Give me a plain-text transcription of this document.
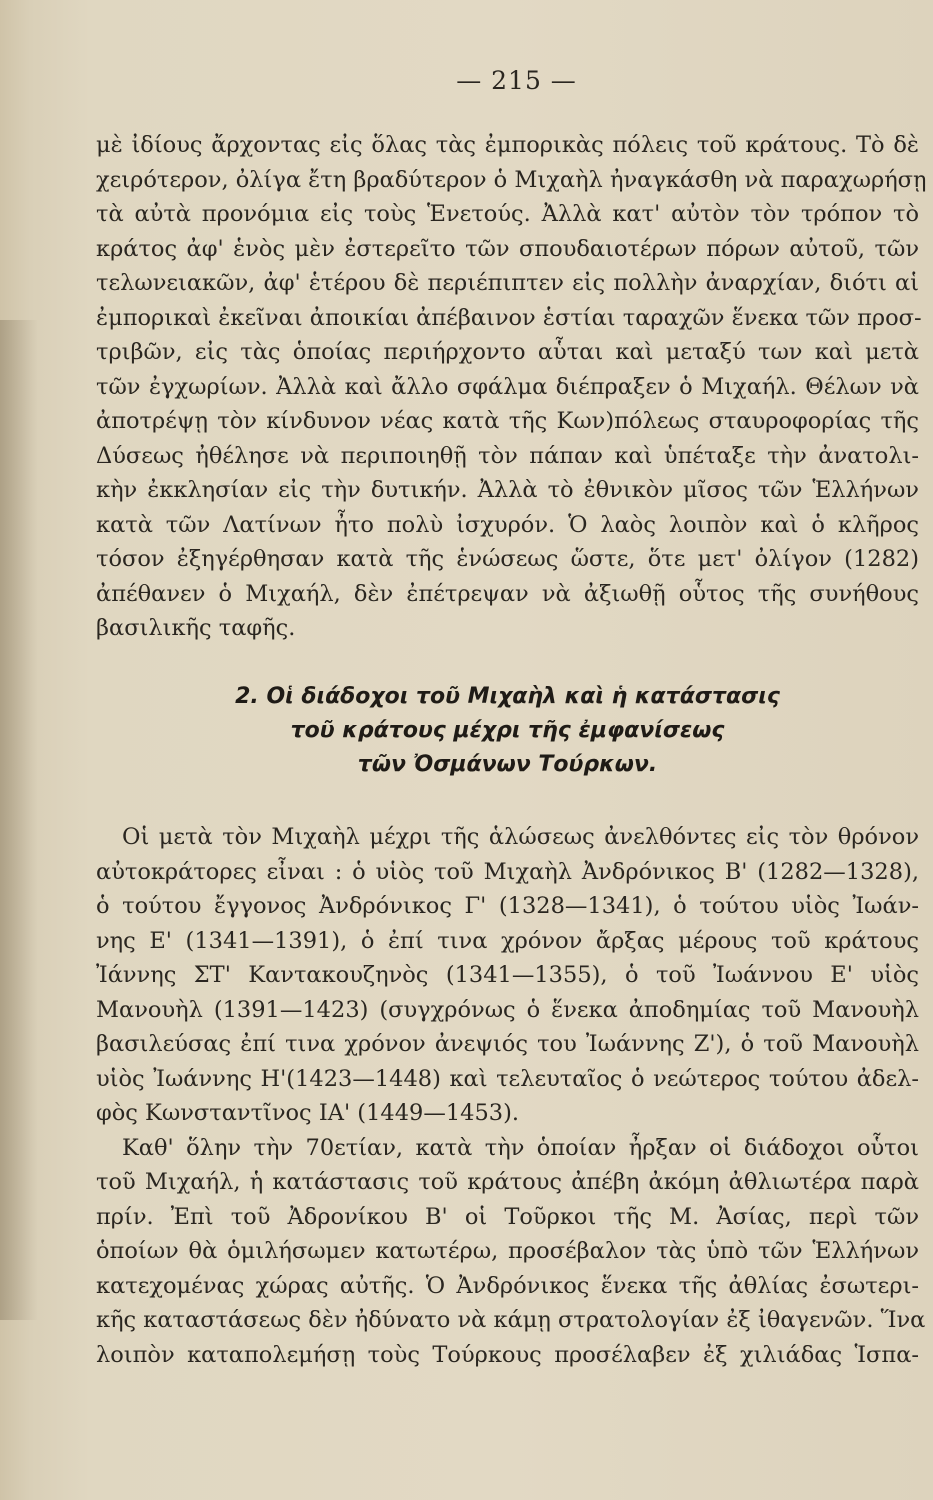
— 215 —
μὲ ἰδίους ἄρχοντας εἰς ὅλας τὰς ἐμπορικὰς πόλεις τοῦ κράτους. Τὸ δὲ
χειρότερον, ὀλίγα ἔτη βραδύτερον ὁ Μιχαὴλ ἠναγκάσθη νὰ παραχωρήσῃ
τὰ αὐτὰ προνόμια εἰς τοὺς Ἑνετούς. Ἀλλὰ κατ' αὐτὸν τὸν τρόπον τὸ
κράτος ἀφ' ἑνὸς μὲν ἐστερεῖτο τῶν σπουδαιοτέρων πόρων αὐτοῦ, τῶν
τελωνειακῶν, ἀφ' ἑτέρου δὲ περιέπιπτεν εἰς πολλὴν ἀναρχίαν, διότι αἱ
ἐμπορικαὶ ἐκεῖναι ἀποικίαι ἀπέβαινον ἑστίαι ταραχῶν ἕνεκα τῶν προσ-
τριβῶν, εἰς τὰς ὁποίας περιήρχοντο αὗται καὶ μεταξύ των καὶ μετὰ
τῶν ἐγχωρίων. Ἀλλὰ καὶ ἄλλο σφάλμα διέπραξεν ὁ Μιχαήλ. Θέλων νὰ
ἀποτρέψῃ τὸν κίνδυνον νέας κατὰ τῆς Κων)πόλεως σταυροφορίας τῆς
Δύσεως ἠθέλησε νὰ περιποιηθῇ τὸν πάπαν καὶ ὑπέταξε τὴν ἀνατολι-
κὴν ἐκκλησίαν εἰς τὴν δυτικήν. Ἀλλὰ τὸ ἐθνικὸν μῖσος τῶν Ἑλλήνων
κατὰ τῶν Λατίνων ἦτο πολὺ ἰσχυρόν. Ὁ λαὸς λοιπὸν καὶ ὁ κλῆρος
τόσον ἐξηγέρθησαν κατὰ τῆς ἑνώσεως ὥστε, ὅτε μετ' ὀλίγον (1282)
ἀπέθανεν ὁ Μιχαήλ, δὲν ἐπέτρεψαν νὰ ἀξιωθῇ οὗτος τῆς συνήθους
βασιλικῆς ταφῆς.
2. Οἱ διάδοχοι τοῦ Μιχαὴλ καὶ ἡ κατάστασις
τοῦ κράτους μέχρι τῆς ἐμφανίσεως
τῶν Ὀσμάνων Τούρκων.
Οἱ μετὰ τὸν Μιχαὴλ μέχρι τῆς ἁλώσεως ἀνελθόντες εἰς τὸν θρόνον
αὐτοκράτορες εἶναι : ὁ υἱὸς τοῦ Μιχαὴλ Ἀνδρόνικος Β' (1282—1328),
ὁ τούτου ἔγγονος Ἀνδρόνικος Γ' (1328—1341), ὁ τούτου υἱὸς Ἰωάν-
νης Ε' (1341—1391), ὁ ἐπί τινα χρόνον ἄρξας μέρους τοῦ κράτους
Ἰάννης ΣΤ' Καντακουζηνὸς (1341—1355), ὁ τοῦ Ἰωάννου Ε' υἱὸς
Μανουὴλ (1391—1423) (συγχρόνως ὁ ἕνεκα ἀποδημίας τοῦ Μανουὴλ
βασιλεύσας ἐπί τινα χρόνον ἀνεψιός του Ἰωάννης Ζ'), ὁ τοῦ Μανουὴλ
υἱὸς Ἰωάννης Η'(1423—1448) καὶ τελευταῖος ὁ νεώτερος τούτου ἀδελ-
φὸς Κωνσταντῖνος ΙΑ' (1449—1453).
Καθ' ὅλην τὴν 70ετίαν, κατὰ τὴν ὁποίαν ἦρξαν οἱ διάδοχοι οὗτοι
τοῦ Μιχαήλ, ἡ κατάστασις τοῦ κράτους ἀπέβη ἀκόμη ἀθλιωτέρα παρὰ
πρίν. Ἐπὶ τοῦ Ἀδρονίκου Β' οἱ Τοῦρκοι τῆς Μ. Ἀσίας, περὶ τῶν
ὁποίων θὰ ὁμιλήσωμεν κατωτέρω, προσέβαλον τὰς ὑπὸ τῶν Ἑλλήνων
κατεχομένας χώρας αὐτῆς. Ὁ Ἀνδρόνικος ἕνεκα τῆς ἀθλίας ἐσωτερι-
κῆς καταστάσεως δὲν ἠδύνατο νὰ κάμῃ στρατολογίαν ἐξ ἰθαγενῶν. Ἵνα
λοιπὸν καταπολεμήσῃ τοὺς Τούρκους προσέλαβεν ἐξ χιλιάδας Ἱσπα-
